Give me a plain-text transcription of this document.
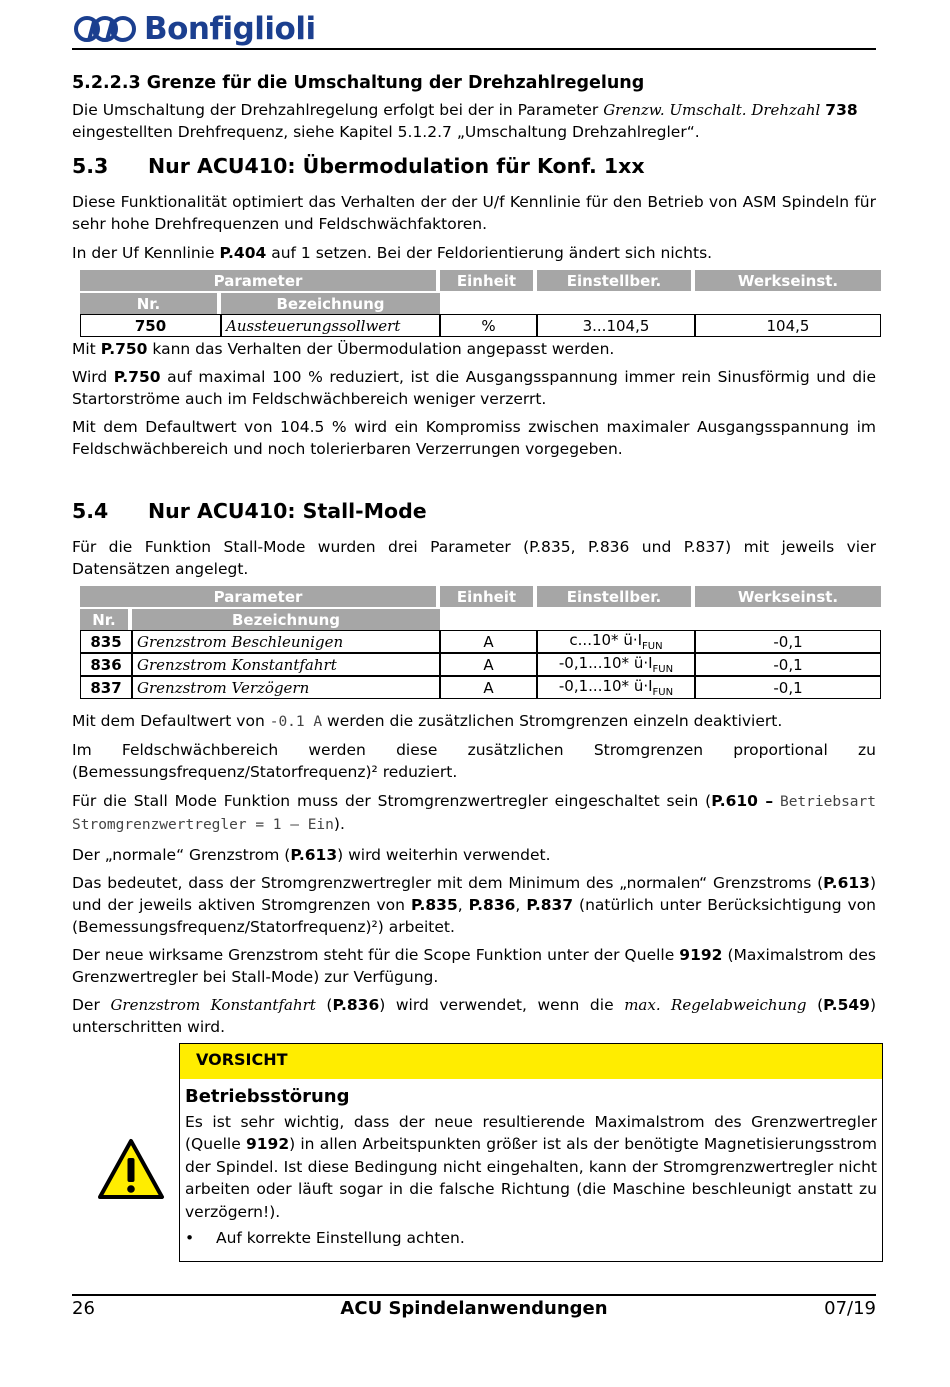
Bonfiglioli
5.2.2.3 Grenze für die Umschaltung der Drehzahlregelung
Die Umschaltung der Drehzahlregelung erfolgt bei der in Parameter Grenzw. Umschalt. Drehzahl 738
eingestellten Drehfrequenz, siehe Kapitel 5.1.2.7 „Umschaltung Drehzahlregler“.
5.3 Nur ACU410: Übermodulation für Konf. 1xx
Diese Funktionalität optimiert das Verhalten der der U/f Kennlinie für den Betrieb von ASM Spindeln für sehr hohe Drehfrequenzen und Feldschwächfaktoren.
In der Uf Kennlinie P.404 auf 1 setzen. Bei der Feldorientierung ändert sich nichts.
Parameter		Einheit	Einstellber.	Werkseinst.
Nr.	Bezeichnung			
750	Aussteuerungssollwert	%	3...104,5	104,5
Mit P.750 kann das Verhalten der Übermodulation angepasst werden.
Wird P.750 auf maximal 100 % reduziert, ist die Ausgangsspannung immer rein Sinusförmig und die Startorströme auch im Feldschwächbereich weniger verzerrt.
Mit dem Defaultwert von 104.5 % wird ein Kompromiss zwischen maximaler Ausgangsspannung im Feldschwächbereich und noch tolerierbaren Verzerrungen vorgegeben.
5.4 Nur ACU410: Stall-Mode
Für die Funktion Stall-Mode wurden drei Parameter (P.835, P.836 und P.837) mit jeweils vier Datensätzen angelegt.
Parameter		Einheit	Einstellber.	Werkseinst.
Nr.	Bezeichnung			
835	Grenzstrom Beschleunigen	A	c...10* $ü\cdot I_{FUN}$	-0,1
836	Grenzstrom Konstantfahrt	A	-0,1...10* $ü\cdot I_{FUN}$	-0,1
837	Grenzstrom Verzögern	A	-0,1...10* $ü\cdot I_{FUN}$	-0,1
Mit dem Defaultwert von -0.1 A werden die zusätzlichen Stromgrenzen einzeln deaktiviert.
Im Feldschwächbereich werden diese zusätzlichen Stromgrenzen proportional zu (Bemessungsfrequenz/Statorfrequenz)² reduziert.
Für die Stall Mode Funktion muss der Stromgrenzwertregler eingeschaltet sein (P.610 – Betriebsart Stromgrenzwertregler = 1 – Ein).
Der „normale“ Grenzstrom (P.613) wird weiterhin verwendet.
Das bedeutet, dass der Stromgrenzwertregler mit dem Minimum des „normalen“ Grenzstroms (P.613) und der jeweils aktiven Stromgrenzen von P.835, P.836, P.837 (natürlich unter Berücksichtigung von (Bemessungsfrequenz/Statorfrequenz)²) arbeitet.
Der neue wirksame Grenzstrom steht für die Scope Funktion unter der Quelle 9192 (Maximalstrom des Grenzwertregler bei Stall-Mode) zur Verfügung.
Der Grenzstrom Konstantfahrt (P.836) wird verwendet, wenn die max. Regelabweichung (P.549) unterschritten wird.
VORSICHT
Betriebsstörung
Es ist sehr wichtig, dass der neue resultierende Maximalstrom des Grenzwertregler (Quelle 9192) in allen Arbeitspunkten größer ist als der benötigte Magnetisierungsstrom der Spindel. Ist diese Bedingung nicht eingehalten, kann der Stromgrenzwertregler nicht arbeiten oder läuft sogar in die falsche Richtung (die Maschine beschleunigt anstatt zu verzögern!).
•	Auf korrekte Einstellung achten.
26	ACU Spindelanwendungen	07/19
